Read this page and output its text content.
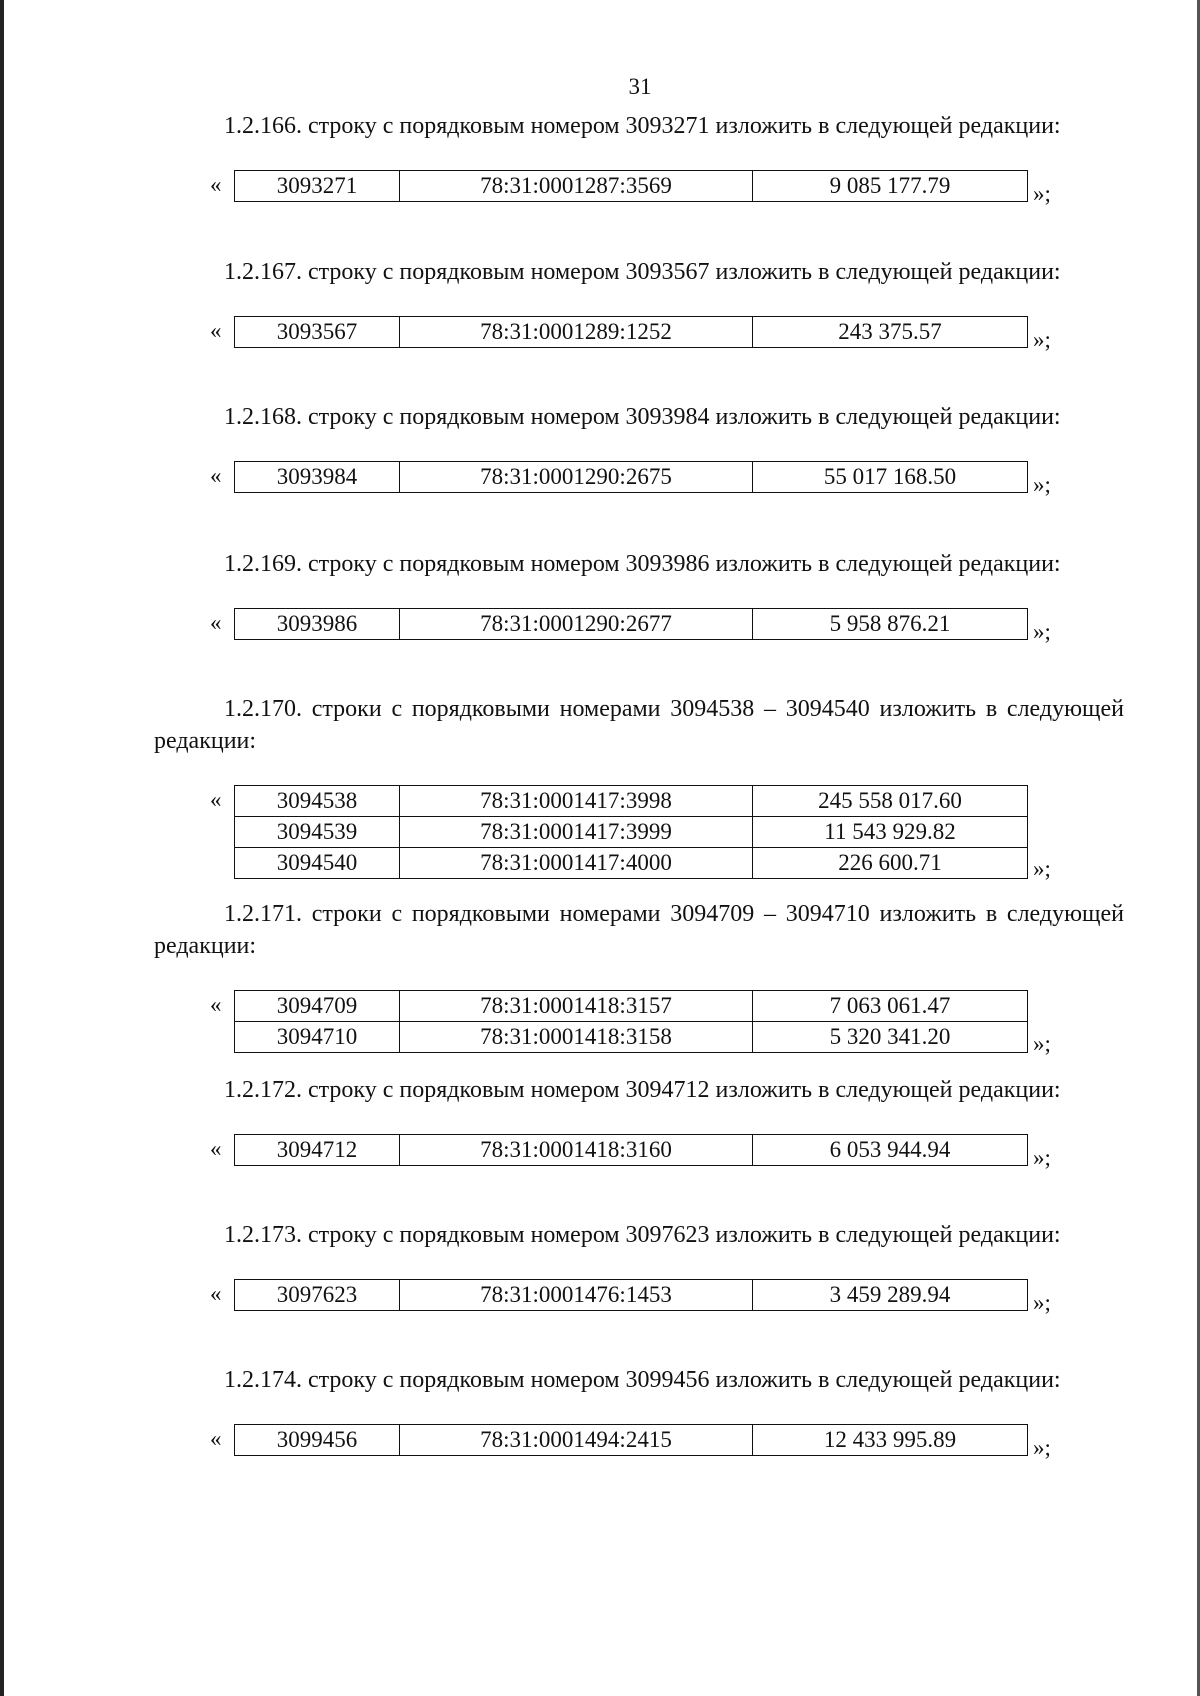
31

1.2.166. строку с порядковым номером 3093271 изложить в следующей редакции:

« 3093271	78:31:0001287:3569	9 085 177.79	»;

1.2.167. строку с порядковым номером 3093567 изложить в следующей редакции:

« 3093567	78:31:0001289:1252	243 375.57	»;

1.2.168. строку с порядковым номером 3093984 изложить в следующей редакции:

« 3093984	78:31:0001290:2675	55 017 168.50	»;

1.2.169. строку с порядковым номером 3093986 изложить в следующей редакции:

« 3093986	78:31:0001290:2677	5 958 876.21	»;

1.2.170. строки с порядковыми номерами 3094538 – 3094540 изложить в следующей редакции:

« 3094538	78:31:0001417:3998	245 558 017.60
3094539	78:31:0001417:3999	11 543 929.82
3094540	78:31:0001417:4000	226 600.71	»;

1.2.171. строки с порядковыми номерами 3094709 – 3094710 изложить в следующей редакции:

« 3094709	78:31:0001418:3157	7 063 061.47
3094710	78:31:0001418:3158	5 320 341.20	»;

1.2.172. строку с порядковым номером 3094712 изложить в следующей редакции:

« 3094712	78:31:0001418:3160	6 053 944.94	»;

1.2.173. строку с порядковым номером 3097623 изложить в следующей редакции:

« 3097623	78:31:0001476:1453	3 459 289.94	»;

1.2.174. строку с порядковым номером 3099456 изложить в следующей редакции:

« 3099456	78:31:0001494:2415	12 433 995.89	»;
